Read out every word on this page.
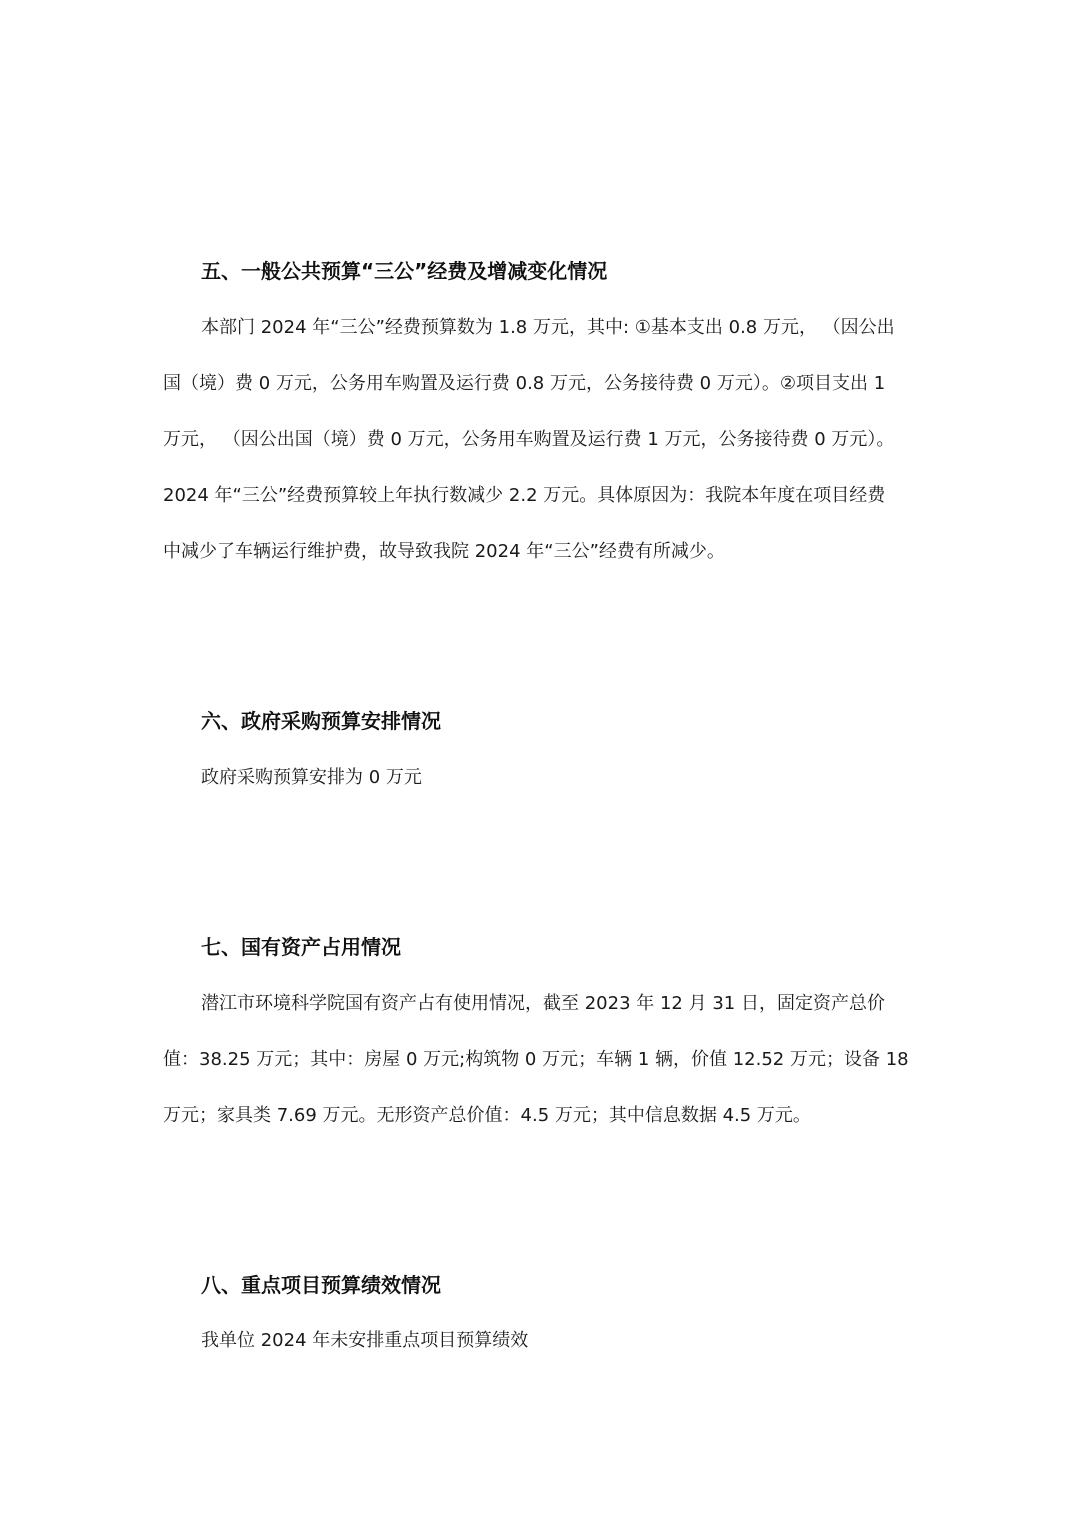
五、一般公共预算“三公”经费及增减变化情况
本部门 2024 年“三公”经费预算数为 1.8 万元，其中: ①基本支出 0.8 万元， （因公出
国（境）费 0 万元，公务用车购置及运行费 0.8 万元，公务接待费 0 万元）。②项目支出 1
万元， （因公出国（境）费 0 万元，公务用车购置及运行费 1 万元，公务接待费 0 万元）。
2024 年“三公”经费预算较上年执行数减少 2.2 万元。具体原因为：我院本年度在项目经费
中减少了车辆运行维护费，故导致我院 2024 年“三公”经费有所减少。
六、政府采购预算安排情况

政府采购预算安排为 0 万元

七、国有资产占用情况
潜江市环境科学院国有资产占有使用情况，截至 2023 年 12 月 31 日，固定资产总价
值：38.25 万元；其中：房屋 0 万元;构筑物 0 万元；车辆 1 辆，价值 12.52 万元；设备 18
万元；家具类 7.69 万元。无形资产总价值：4.5 万元；其中信息数据 4.5 万元。
八、重点项目预算绩效情况

我单位 2024 年未安排重点项目预算绩效
